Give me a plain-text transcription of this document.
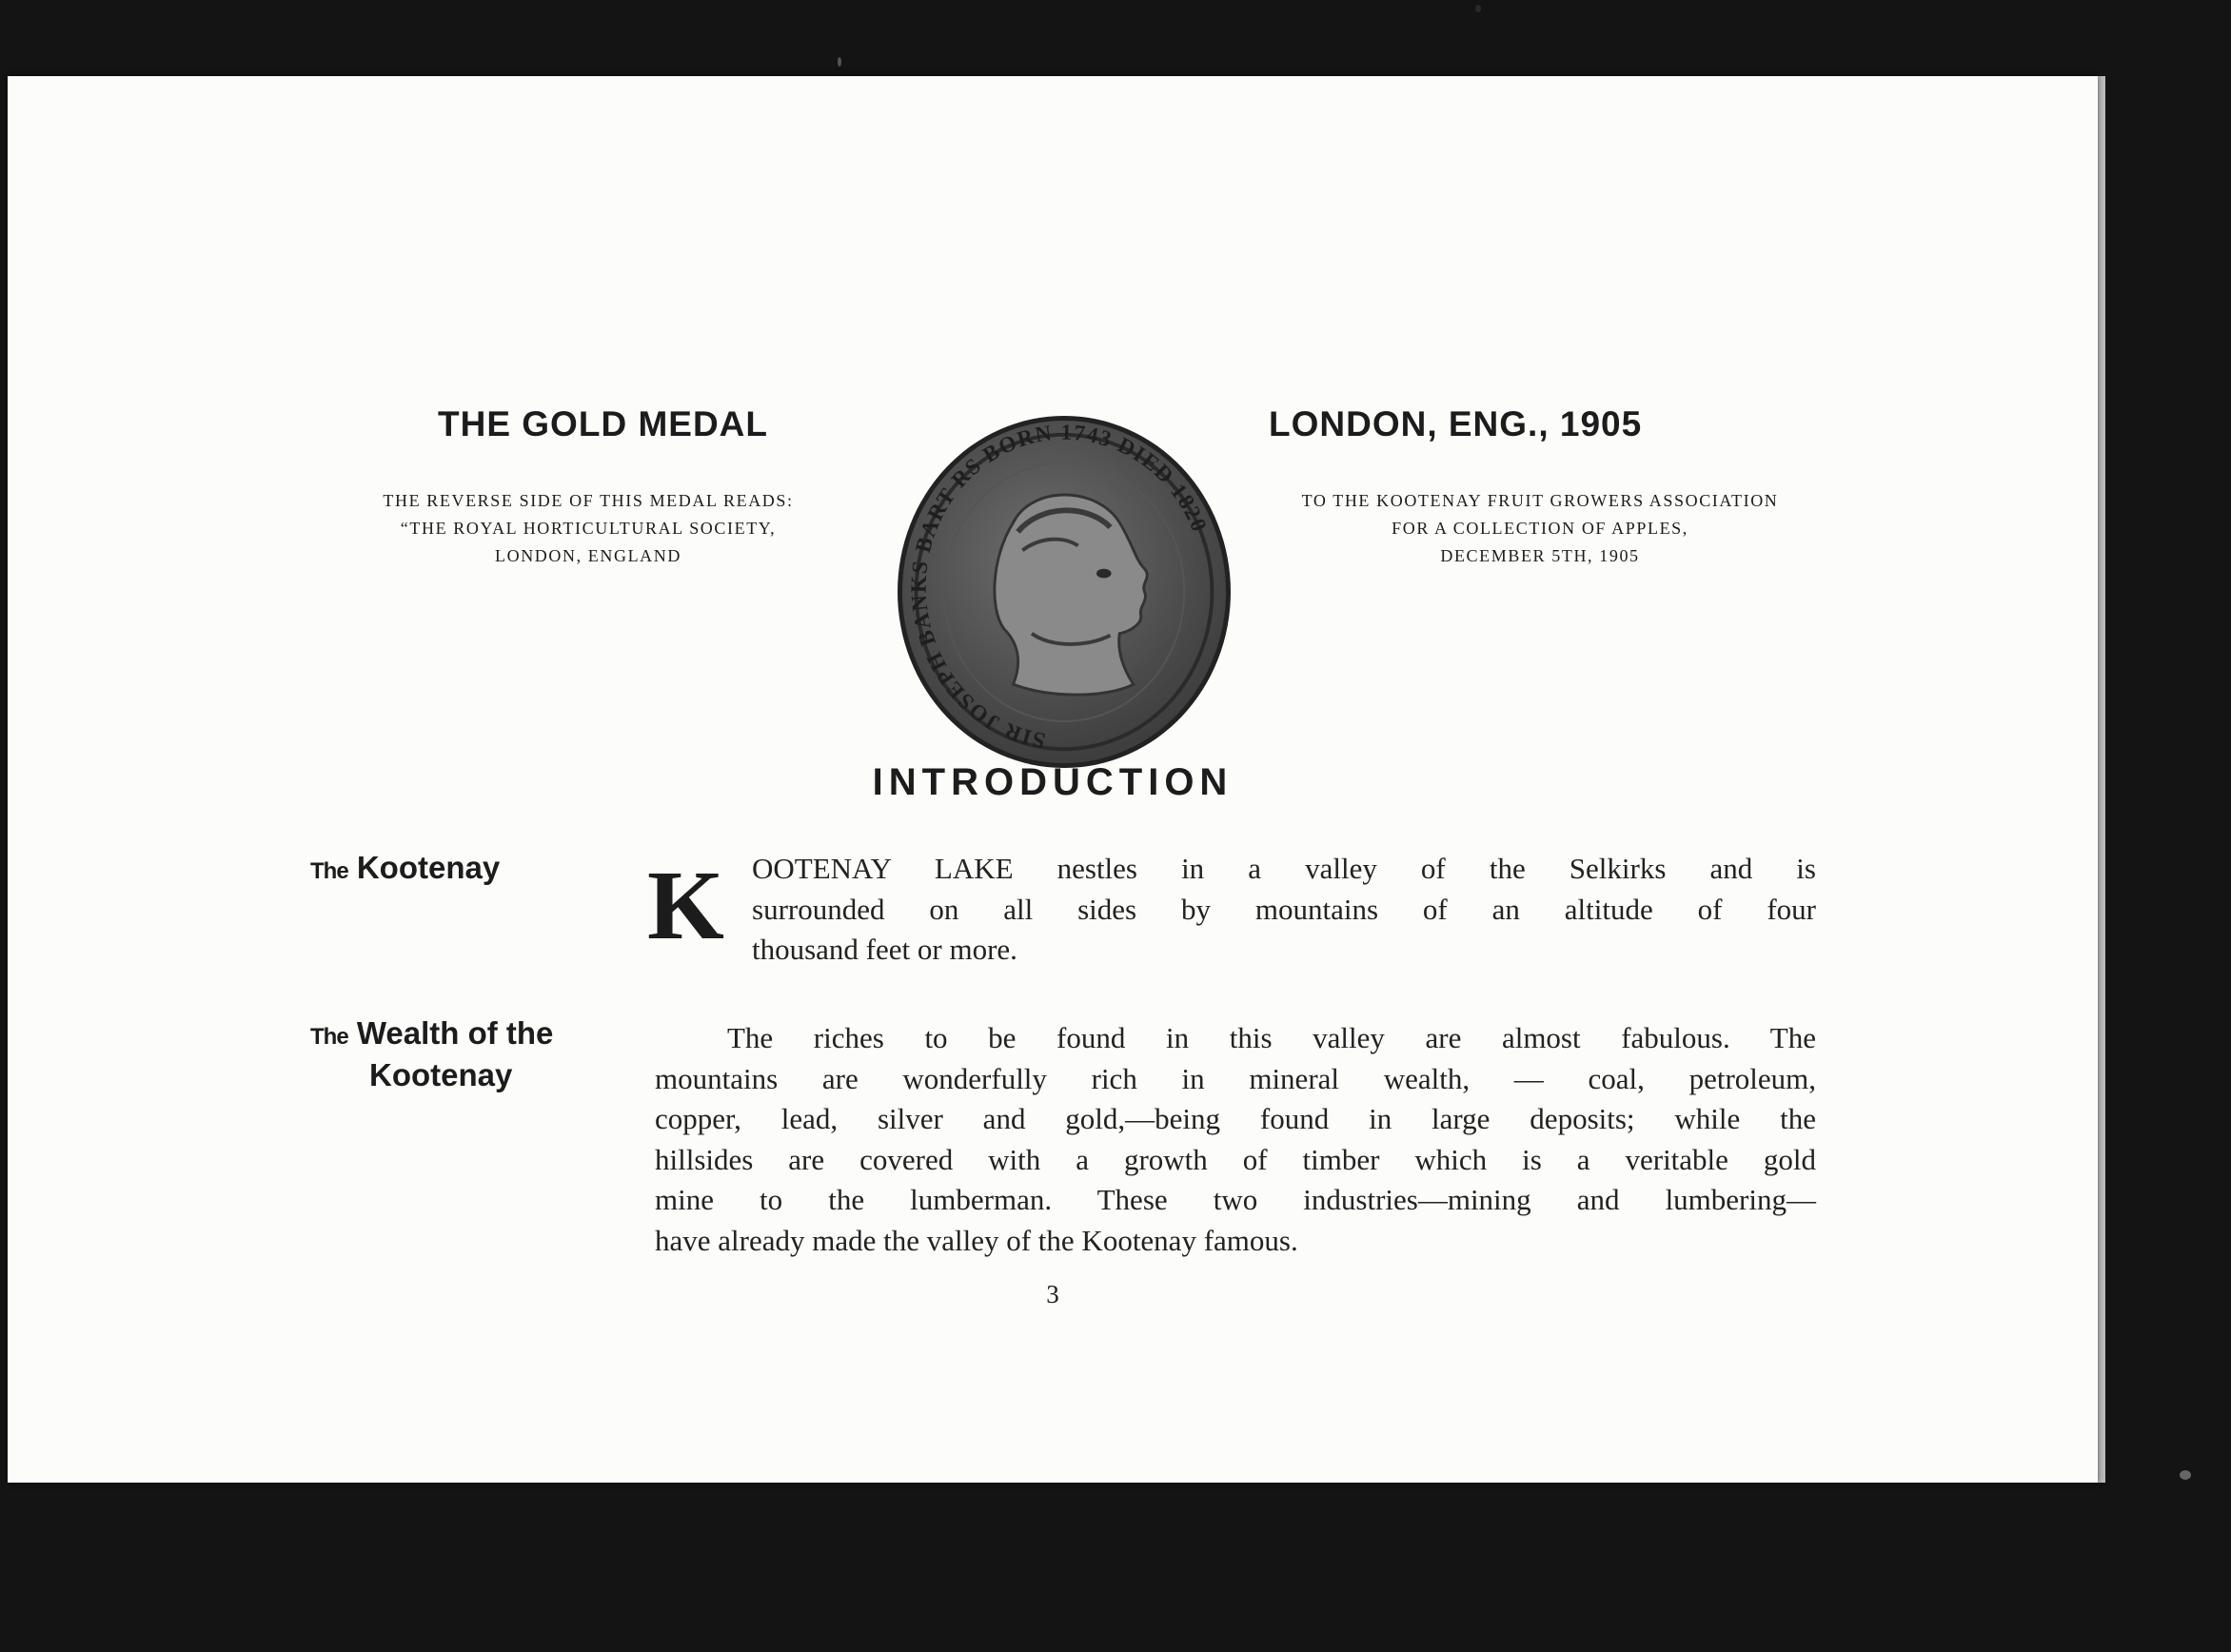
THE GOLD MEDAL
THE REVERSE SIDE OF THIS MEDAL READS:
“THE ROYAL HORTICULTURAL SOCIETY,
LONDON, ENGLAND
SIR JOSEPH BANKS BART RS BORN 1743 DIED 1820
LONDON, ENG., 1905
TO THE KOOTENAY FRUIT GROWERS ASSOCIATION
FOR A COLLECTION OF APPLES,
DECEMBER 5TH, 1905
INTRODUCTION
The Kootenay K OOTENAY LAKE nestles in a valley of the Selkirks and is
surrounded on all sides by mountains of an altitude of four
thousand feet or more.
The Wealth of the
Kootenay
The riches to be found in this valley are almost fabulous. The
mountains are wonderfully rich in mineral wealth, — coal, petroleum,
copper, lead, silver and gold,—being found in large deposits; while the
hillsides are covered with a growth of timber which is a veritable gold
mine to the lumberman. These two industries—mining and lumbering—
have already made the valley of the Kootenay famous.
3
